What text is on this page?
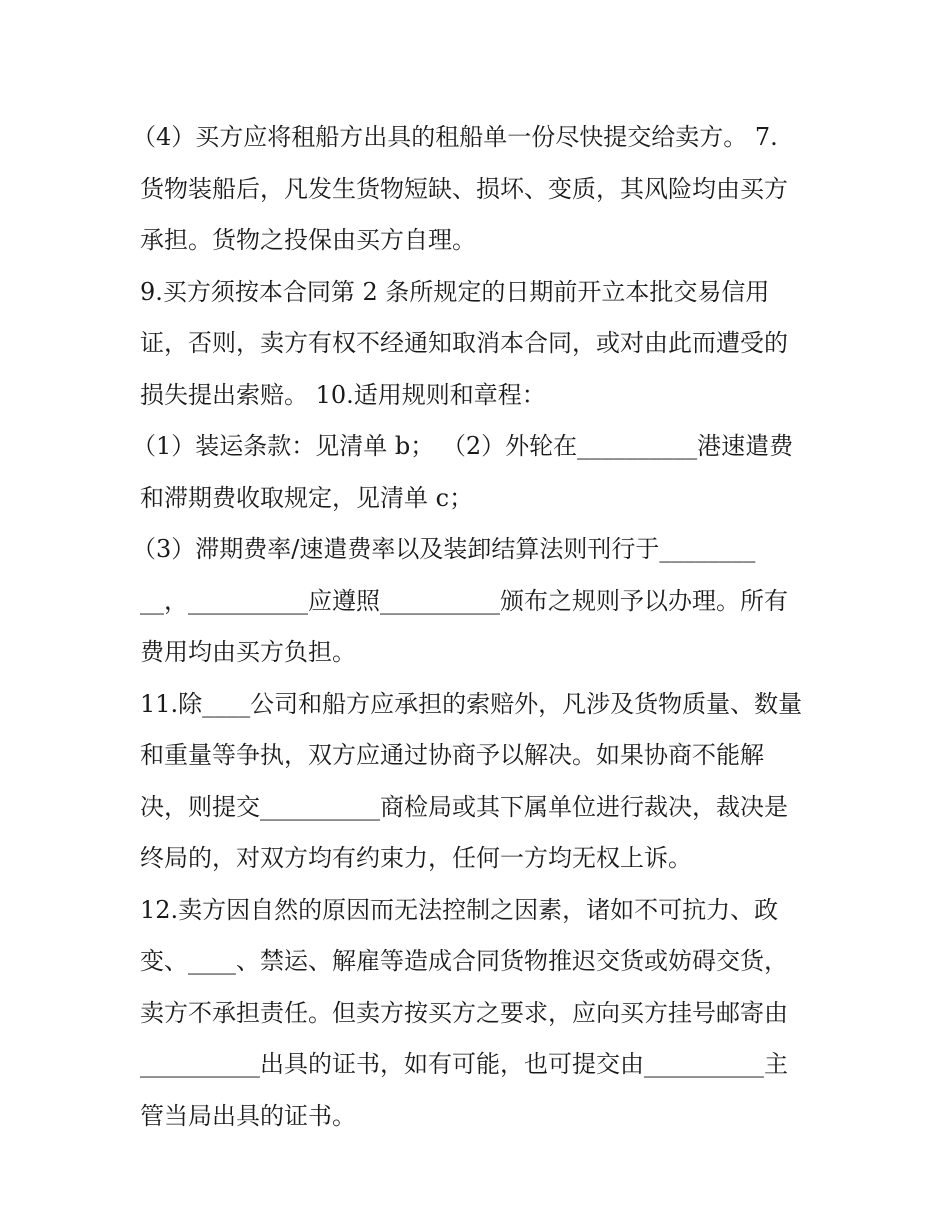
（4）买方应将租船方出具的租船单一份尽快提交给卖方。 7.
货物装船后，凡发生货物短缺、损坏、变质，其风险均由买方
承担。货物之投保由买方自理。
9.买方须按本合同第 2 条所规定的日期前开立本批交易信用
证，否则，卖方有权不经通知取消本合同，或对由此而遭受的
损失提出索赔。 10.适用规则和章程：
（1）装运条款：见清单 b； （2）外轮在__________港速遣费
和滞期费收取规定，见清单 c；
（3）滞期费率/速遣费率以及装卸结算法则刊行于________
__，__________应遵照__________颁布之规则予以办理。所有
费用均由买方负担。
11.除____公司和船方应承担的索赔外，凡涉及货物质量、数量
和重量等争执，双方应通过协商予以解决。如果协商不能解
决，则提交__________商检局或其下属单位进行裁决，裁决是
终局的，对双方均有约束力，任何一方均无权上诉。
12.卖方因自然的原因而无法控制之因素，诸如不可抗力、政
变、____、禁运、解雇等造成合同货物推迟交货或妨碍交货，
卖方不承担责任。但卖方按买方之要求，应向买方挂号邮寄由
__________出具的证书，如有可能，也可提交由__________主
管当局出具的证书。
